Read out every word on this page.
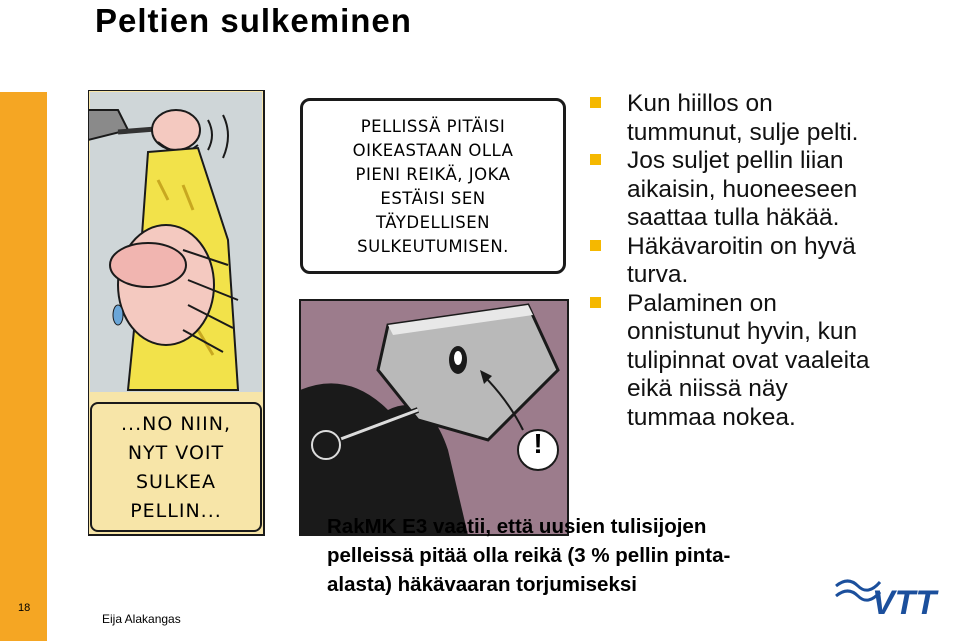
Peltien sulkeminen
18
Eija Alakangas
!
PELLISSÄ PITÄISI
OIKEASTAAN OLLA
PIENI REIKÄ, JOKA
ESTÄISI SEN
TÄYDELLISEN
SULKEUTUMISEN.
...NO NIIN,
NYT VOIT
SULKEA
PELLIN...
Kun hiillos on
tummunut, sulje pelti.
Jos suljet pellin liian
aikaisin, huoneeseen
saattaa tulla häkää.
Häkävaroitin on hyvä
turva.
Palaminen on
onnistunut hyvin, kun
tulipinnat ovat vaaleita
eikä niissä näy
tummaa nokea.
RakMK E3 vaatii, että uusien tulisijojen
pelleissä pitää olla reikä (3 % pellin pinta-
alasta) häkävaaran torjumiseksi	VTT
